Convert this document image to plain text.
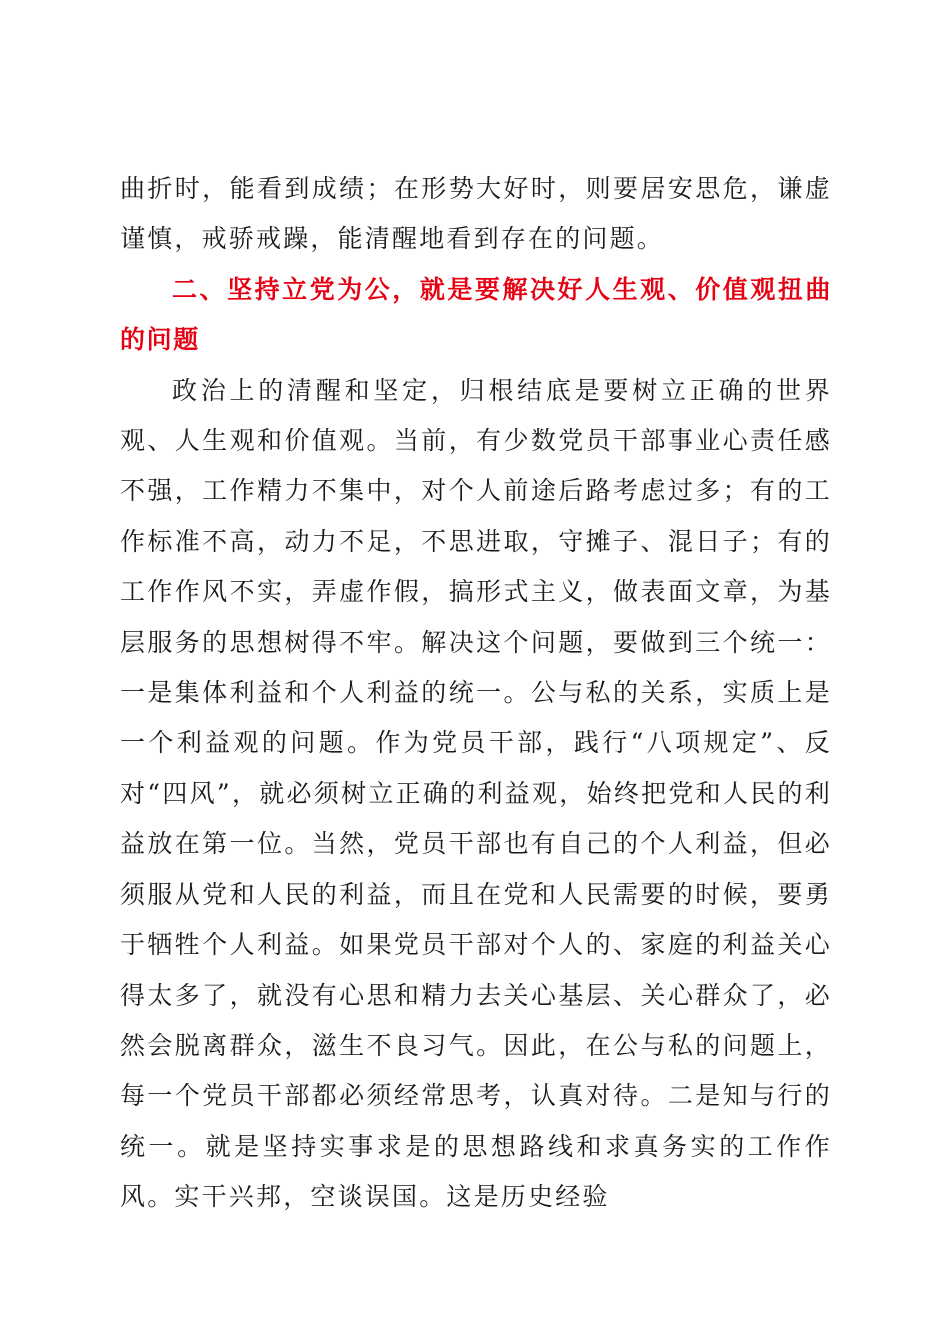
曲折时，能看到成绩；在形势大好时，则要居安思危，谦虚谨慎，戒骄戒躁，能清醒地看到存在的问题。

二、坚持立党为公，就是要解决好人生观、价值观扭曲的问题

政治上的清醒和坚定，归根结底是要树立正确的世界观、人生观和价值观。当前，有少数党员干部事业心责任感不强，工作精力不集中，对个人前途后路考虑过多；有的工作标准不高，动力不足，不思进取，守摊子、混日子；有的工作作风不实，弄虚作假，搞形式主义，做表面文章，为基层服务的思想树得不牢。解决这个问题，要做到三个统一：一是集体利益和个人利益的统一。公与私的关系，实质上是一个利益观的问题。作为党员干部，践行“八项规定”、反对“四风”，就必须树立正确的利益观，始终把党和人民的利益放在第一位。当然，党员干部也有自己的个人利益，但必须服从党和人民的利益，而且在党和人民需要的时候，要勇于牺牲个人利益。如果党员干部对个人的、家庭的利益关心得太多了，就没有心思和精力去关心基层、关心群众了，必然会脱离群众，滋生不良习气。因此，在公与私的问题上，每一个党员干部都必须经常思考，认真对待。二是知与行的统一。就是坚持实事求是的思想路线和求真务实的工作作风。实干兴邦，空谈误国。这是历史经验
